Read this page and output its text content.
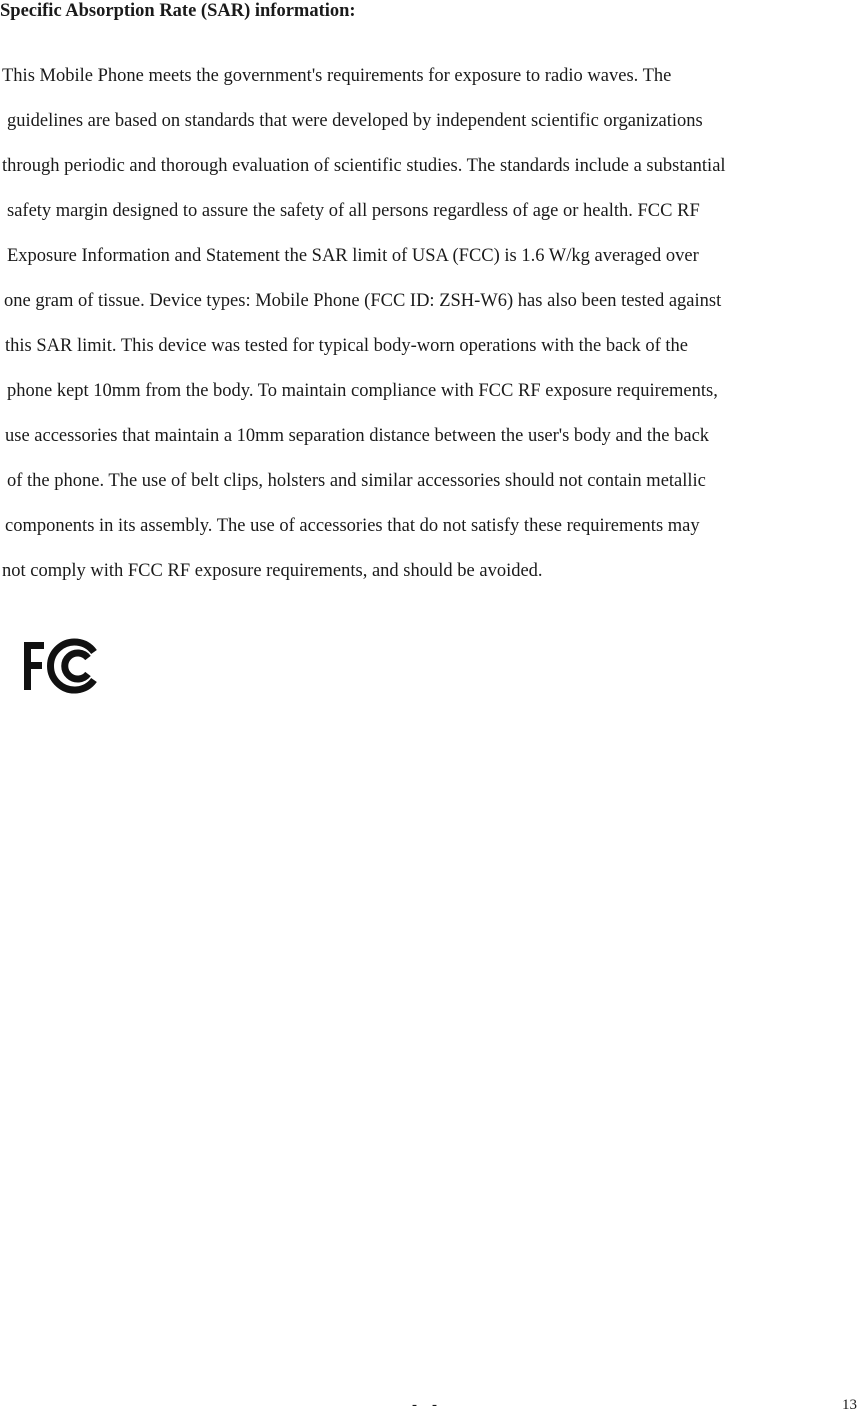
Specific Absorption Rate (SAR) information:
This Mobile Phone meets the government's requirements for exposure to radio waves. The
guidelines are based on standards that were developed by independent scientific organizations
through periodic and thorough evaluation of scientific studies. The standards include a substantial
safety margin designed to assure the safety of all persons regardless of age or health. FCC RF
Exposure Information and Statement the SAR limit of USA (FCC) is 1.6 W/kg averaged over
one gram of tissue. Device types: Mobile Phone (FCC ID: ZSH-W6) has also been tested against
this SAR limit. This device was tested for typical body-worn operations with the back of the
phone kept 10mm from the body. To maintain compliance with FCC RF exposure requirements,
use accessories that maintain a 10mm separation distance between the user's body and the back
of the phone. The use of belt clips, holsters and similar accessories should not contain metallic
components in its assembly. The use of accessories that do not satisfy these requirements may
not comply with FCC RF exposure requirements, and should be avoided.
-    -	13
